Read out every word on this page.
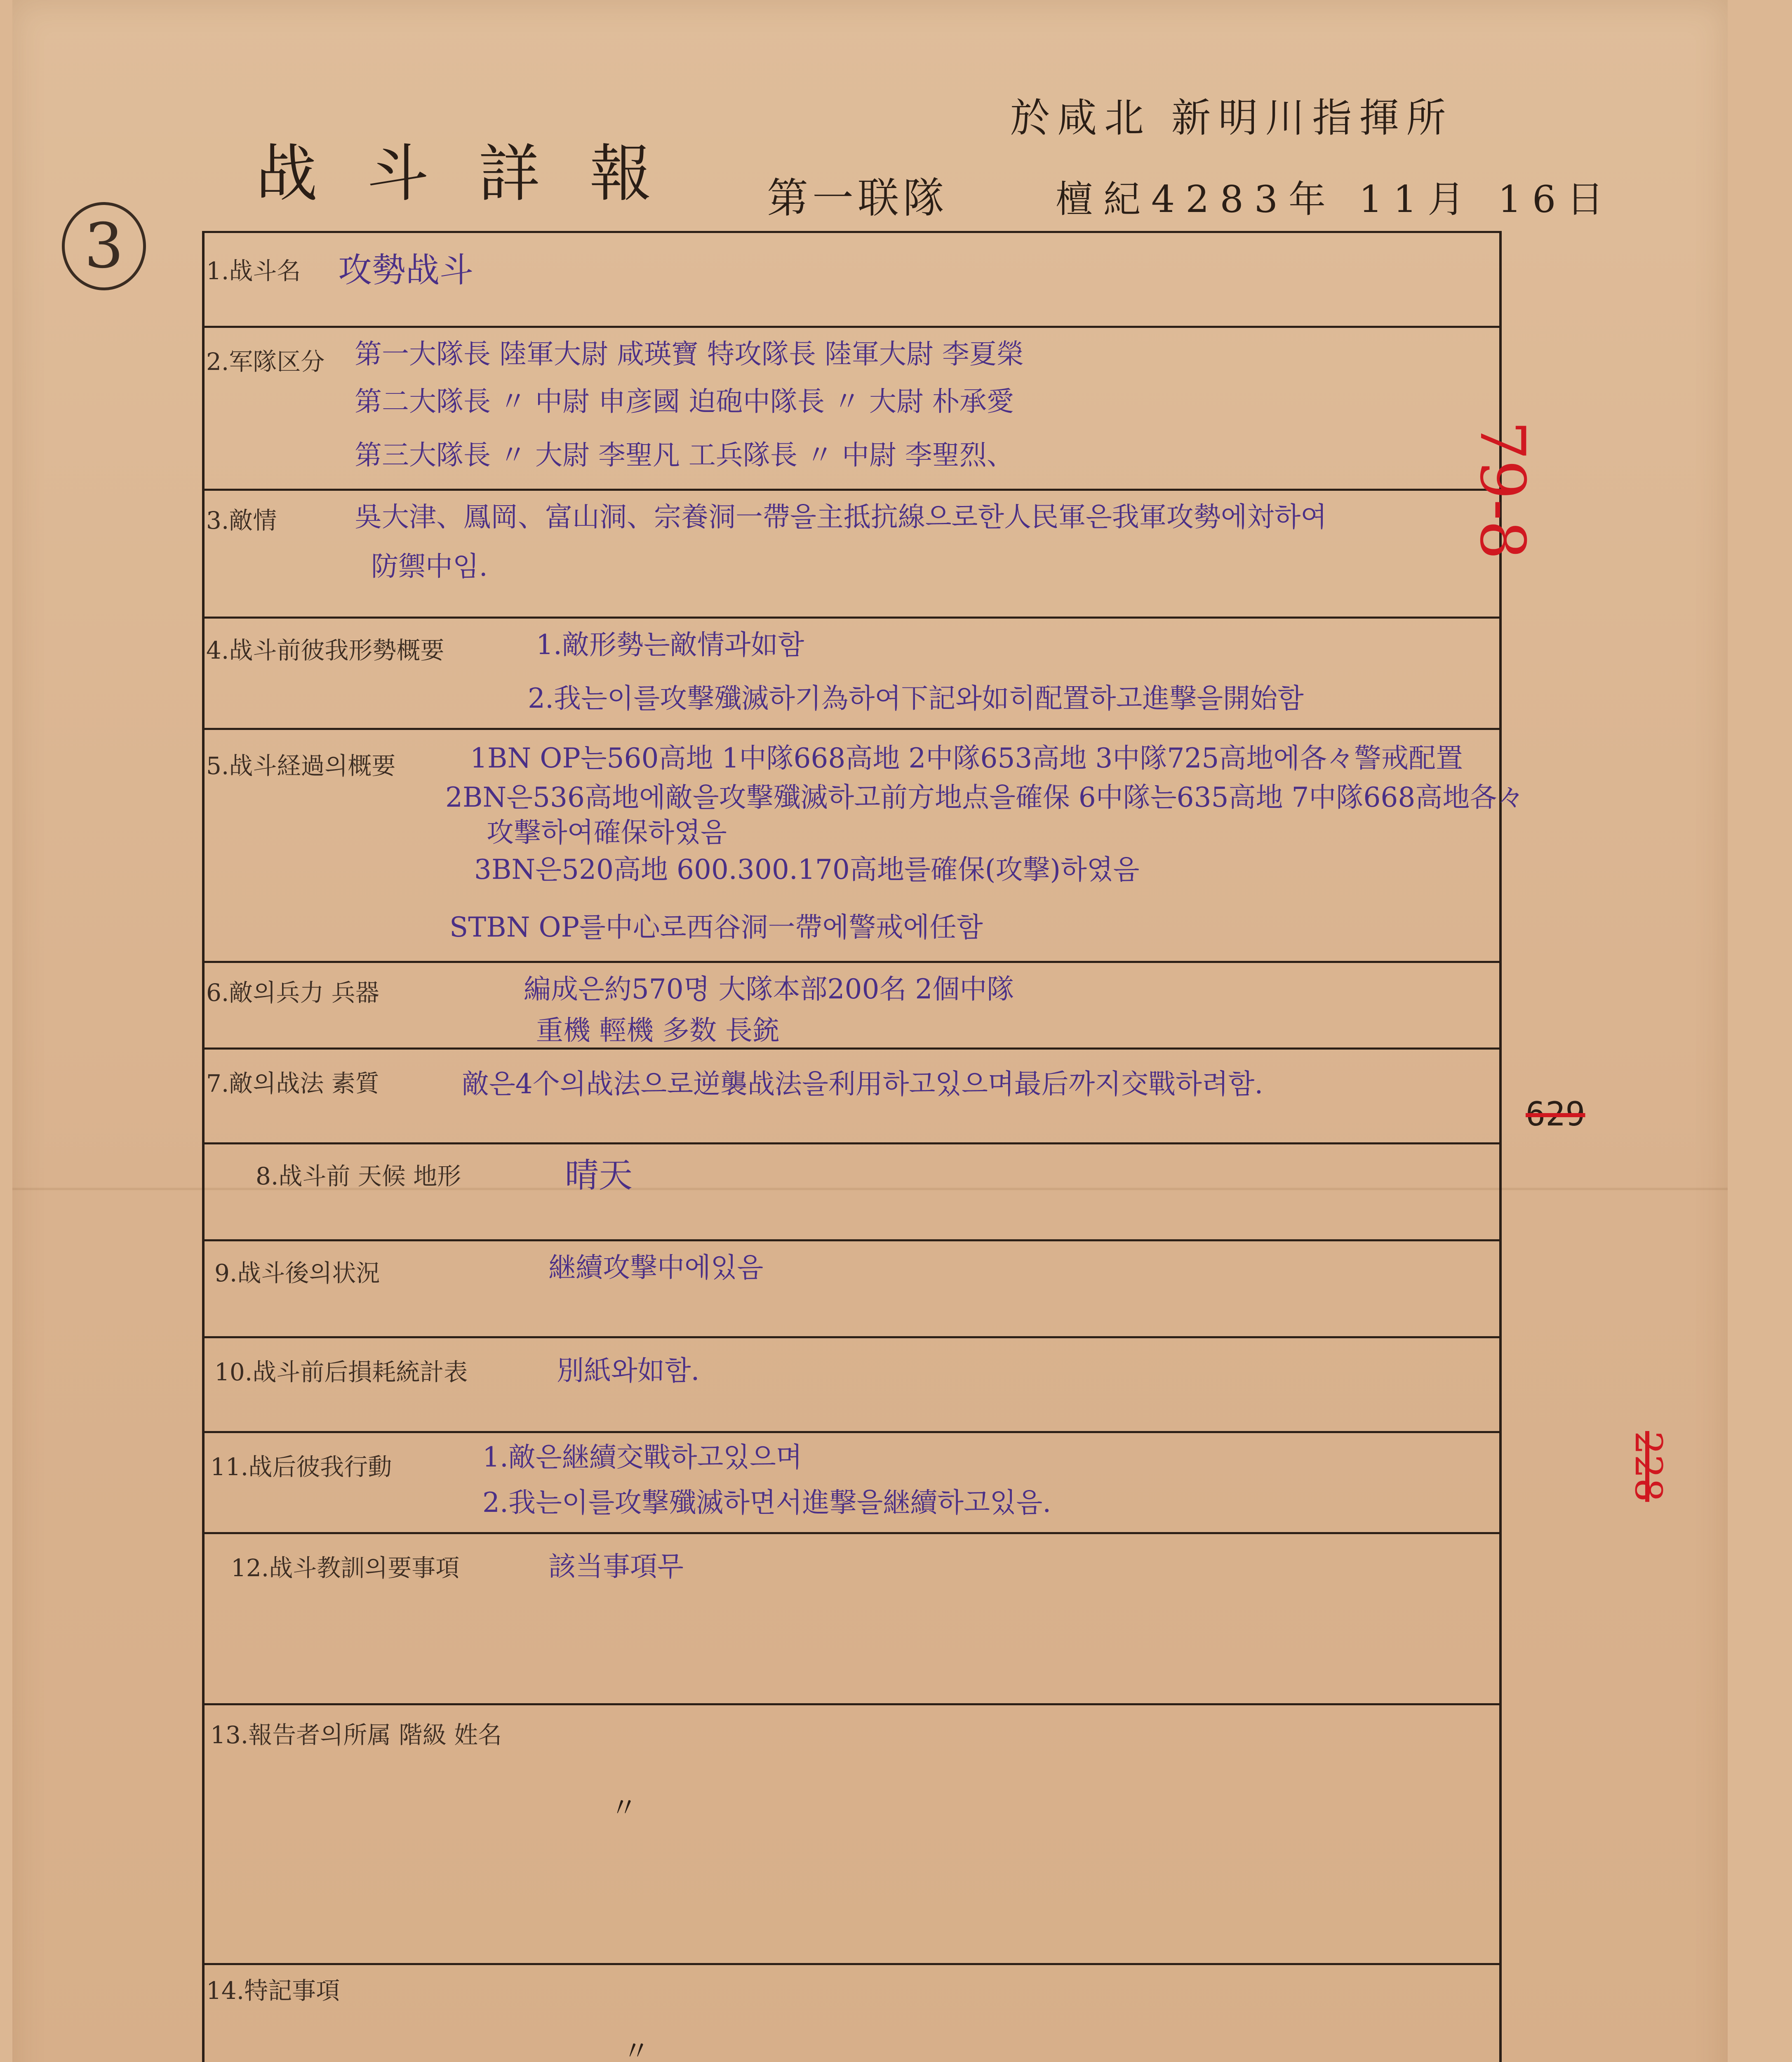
战斗詳報
於咸北 新明川指揮所
第一联隊	檀紀4283年 11月 16日
3	1.战斗名 攻勢战斗
2.军隊区分 第一大隊長 陸軍大尉 咸瑛寶 特攻隊長 陸軍大尉 李夏榮
第二大隊長 〃 中尉 申彦國 迫砲中隊長 〃 大尉 朴承愛
第三大隊長 〃 大尉 李聖凡 工兵隊長 〃 中尉 李聖烈、
3.敵情	吳大津、鳳岡、富山洞、宗養洞一帶을主抵抗線으로한人民軍은我軍攻勢에対하여
防禦中임.
4.战斗前彼我形勢概要	1.敵形勢는敵情과如함
2.我는이를攻撃殲滅하기為하여下記와如히配置하고進撃을開始함
5.战斗経過의概要	1BN OP는560高地 1中隊668高地 2中隊653高地 3中隊725高地에各々警戒配置
2BN은536高地에敵을攻撃殲滅하고前方地点을確保 6中隊는635高地 7中隊668高地各々
攻撃하여確保하였음
3BN은520高地 600.300.170高地를確保(攻撃)하였음
STBN OP를中心로西谷洞一帶에警戒에任함
6.敵의兵力 兵器	編成은約570명 大隊本部200名 2個中隊
重機 輕機 多数 長銃
7.敵의战法 素質	敵은4个의战法으로逆襲战法을利用하고있으며最后까지交戰하려함.
8.战斗前 天候 地形	晴天
9.战斗後의状況	継續攻撃中에있음
10.战斗前后損耗統計表	別紙와如함.
11.战后彼我行動	1.敵은継續交戰하고있으며
2.我는이를攻撃殲滅하면서進撃을継續하고있음.
12.战斗教訓의要事項	該当事項무
13.報告者의所属 階級 姓名
〃
14.特記事項
〃
79-8
629
228
